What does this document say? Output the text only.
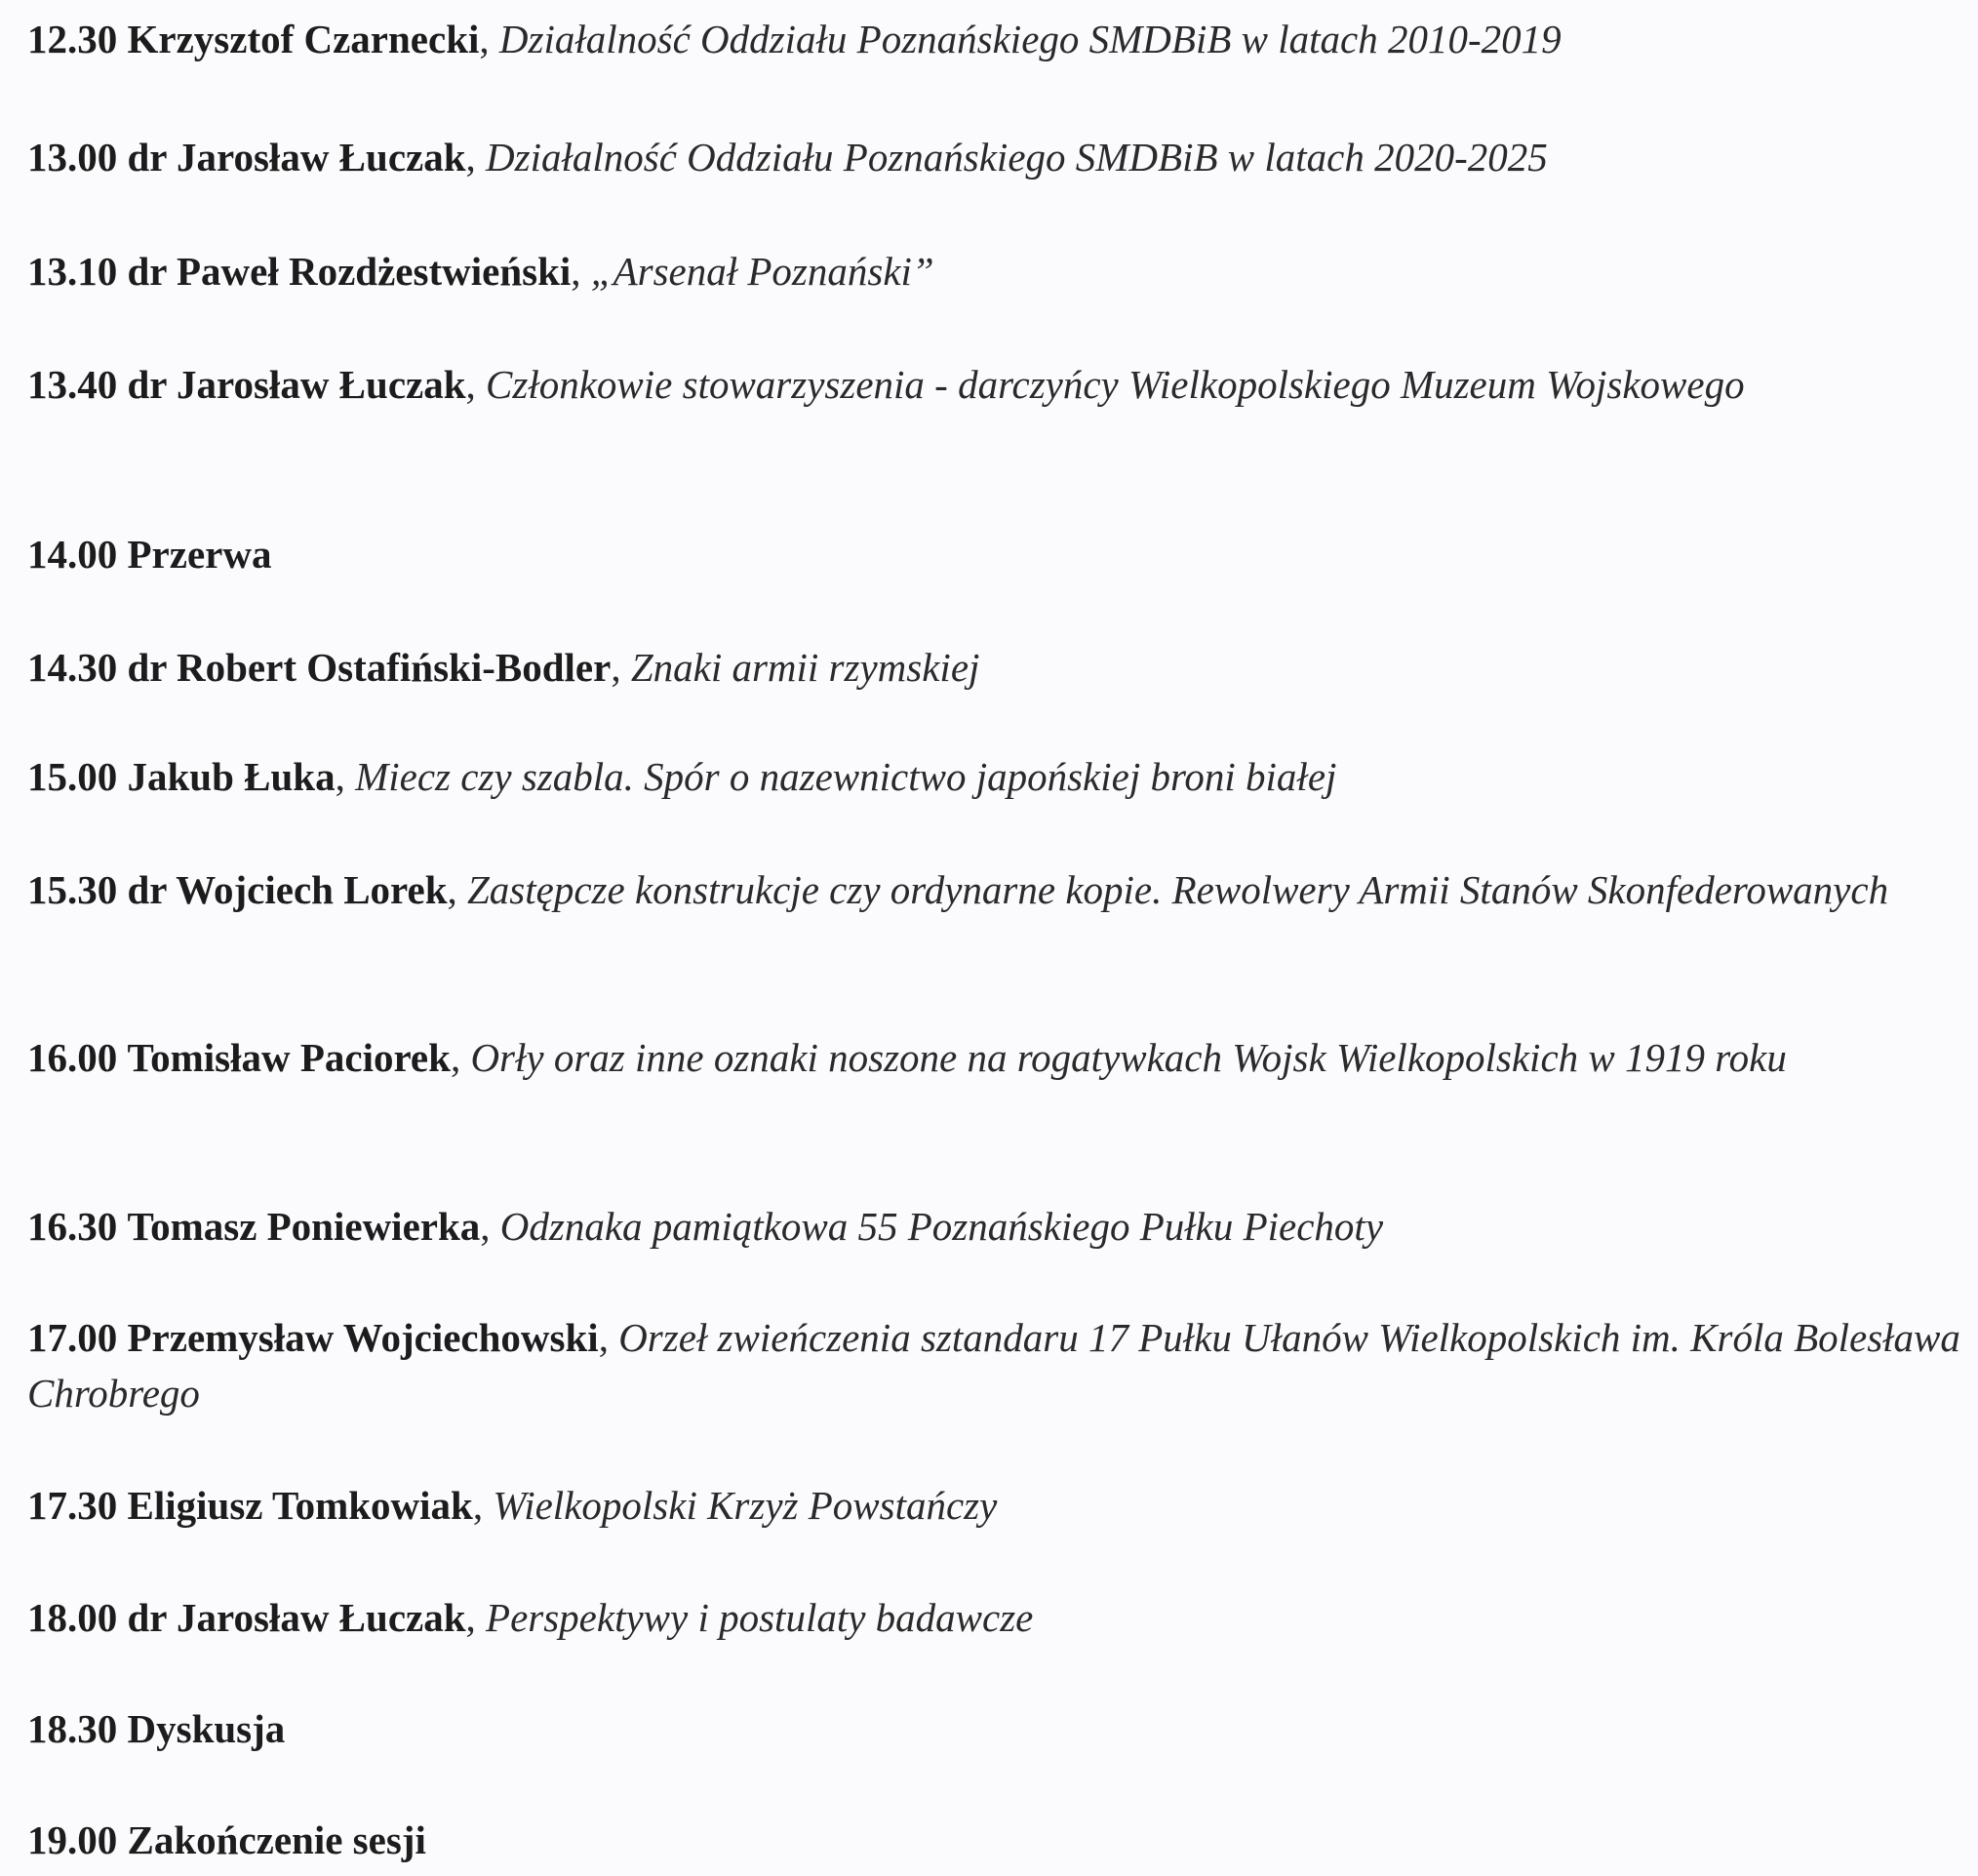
12.30 Krzysztof Czarnecki, Działalność Oddziału Poznańskiego SMDBiB w latach 2010-2019
13.00 dr Jarosław Łuczak, Działalność Oddziału Poznańskiego SMDBiB w latach 2020-2025
13.10 dr Paweł Rozdżestwieński, „Arsenał Poznański”
13.40 dr Jarosław Łuczak, Członkowie stowarzyszenia - darczyńcy Wielkopolskiego Muzeum Wojskowego
14.00 Przerwa
14.30 dr Robert Ostafiński-Bodler, Znaki armii rzymskiej
15.00 Jakub Łuka, Miecz czy szabla. Spór o nazewnictwo japońskiej broni białej
15.30 dr Wojciech Lorek, Zastępcze konstrukcje czy ordynarne kopie. Rewolwery Armii Stanów Skonfederowanych
16.00 Tomisław Paciorek, Orły oraz inne oznaki noszone na rogatywkach Wojsk Wielkopolskich w 1919 roku
16.30 Tomasz Poniewierka, Odznaka pamiątkowa 55 Poznańskiego Pułku Piechoty
17.00 Przemysław Wojciechowski, Orzeł zwieńczenia sztandaru 17 Pułku Ułanów Wielkopolskich im. Króla Bolesława Chrobrego
17.30 Eligiusz Tomkowiak, Wielkopolski Krzyż Powstańczy
18.00 dr Jarosław Łuczak, Perspektywy i postulaty badawcze
18.30 Dyskusja
19.00 Zakończenie sesji
